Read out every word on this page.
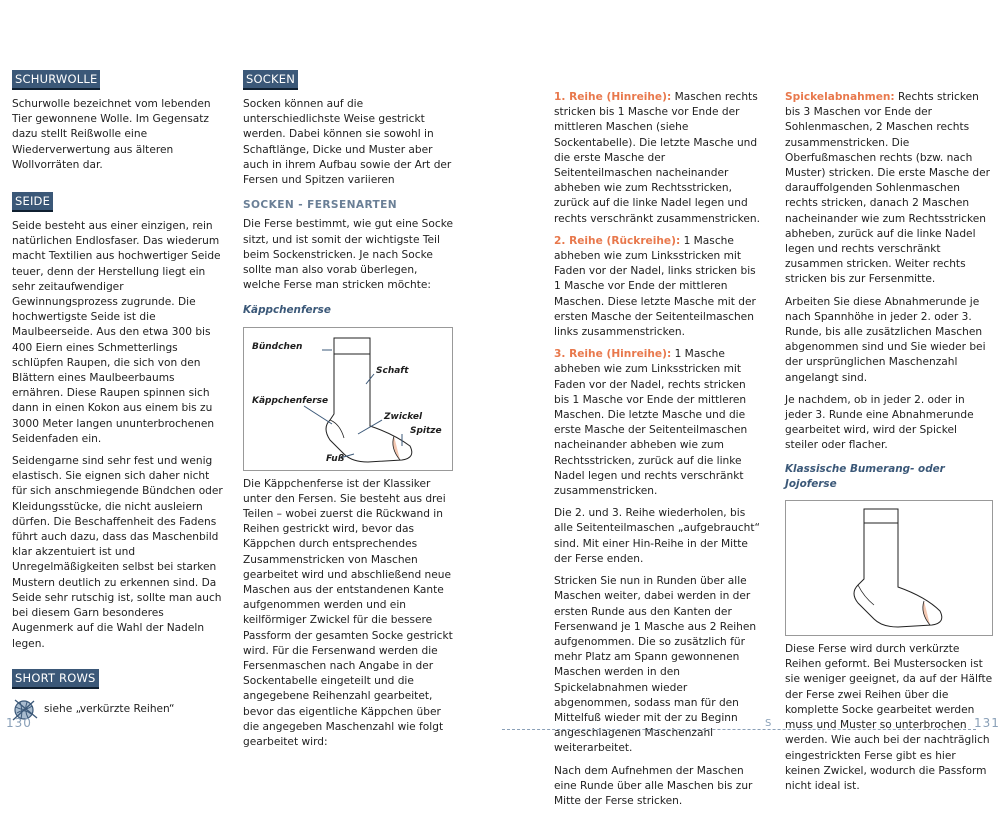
SCHURWOLLE

Schurwolle bezeichnet vom lebenden Tier gewonnene Wolle. Im Gegensatz dazu stellt Reißwolle eine Wiederverwertung aus älteren Wollvorräten dar.

SEIDE

Seide besteht aus einer einzigen, rein natürlichen Endlosfaser. Das wiederum macht Textilien aus hochwertiger Seide teuer, denn der Herstellung liegt ein sehr zeitaufwendiger Gewinnungsprozess zugrunde. Die hochwertigste Seide ist die Maulbeerseide. Aus den etwa 300 bis 400 Eiern eines Schmetterlings schlüpfen Raupen, die sich von den Blättern eines Maulbeerbaums ernähren. Diese Raupen spinnen sich dann in einen Kokon aus einem bis zu 3000 Meter langen ununterbrochenen Seidenfaden ein.

Seidengarne sind sehr fest und wenig elastisch. Sie eignen sich daher nicht für sich anschmiegende Bündchen oder Kleidungsstücke, die nicht ausleiern dürfen. Die Beschaffenheit des Fadens führt auch dazu, dass das Maschenbild klar akzentuiert ist und Unregelmäßigkeiten selbst bei starken Mustern deutlich zu erkennen sind. Da Seide sehr rutschig ist, sollte man auch bei diesem Garn besonderes Augenmerk auf die Wahl der Nadeln legen.

SHORT ROWS
siehe „verkürzte Reihen“
SOCKEN

Socken können auf die unterschiedlichste Weise gestrickt werden. Dabei können sie sowohl in Schaftlänge, Dicke und Muster aber auch in ihrem Aufbau sowie der Art der Fersen und Spitzen variieren

SOCKEN - FERSENARTEN

Die Ferse bestimmt, wie gut eine Socke sitzt, und ist somit der wichtigste Teil beim Sockenstricken. Je nach Socke sollte man also vorab überlegen, welche Ferse man stricken möchte:

Käppchenferse
Bündchen
Schaft
Käppchenferse
Zwickel
Spitze
Fuß

Die Käppchenferse ist der Klassiker unter den Fersen. Sie besteht aus drei Teilen – wobei zuerst die Rückwand in Reihen gestrickt wird, bevor das Käppchen durch entsprechendes Zusammenstricken von Maschen gearbeitet wird und abschließend neue Maschen aus der entstandenen Kante aufgenommen werden und ein keilförmiger Zwickel für die bessere Passform der gesamten Socke gestrickt wird. Für die Fersenwand werden die Fersenmaschen nach Angabe in der Sockentabelle eingeteilt und die angegebene Reihenzahl gearbeitet, bevor das eigentliche Käppchen über die angegeben Maschenzahl wie folgt gearbeitet wird:

130

1. Reihe (Hinreihe): Maschen rechts stricken bis 1 Masche vor Ende der mittleren Maschen (siehe Sockentabelle). Die letzte Masche und die erste Masche der Seitenteilmaschen nacheinander abheben wie zum Rechtsstricken, zurück auf die linke Nadel legen und rechts verschränkt zusammenstricken.

2. Reihe (Rückreihe): 1 Masche abheben wie zum Linksstricken mit Faden vor der Nadel, links stricken bis 1 Masche vor Ende der mittleren Maschen. Diese letzte Masche mit der ersten Masche der Seitenteilmaschen links zusammenstricken.

3. Reihe (Hinreihe): 1 Masche abheben wie zum Linksstricken mit Faden vor der Nadel, rechts stricken bis 1 Masche vor Ende der mittleren Maschen. Die letzte Masche und die erste Masche der Seitenteilmaschen nacheinander abheben wie zum Rechtsstricken, zurück auf die linke Nadel legen und rechts verschränkt zusammenstricken.

Die 2. und 3. Reihe wiederholen, bis alle Seitenteilmaschen „aufgebraucht“ sind. Mit einer Hin-Reihe in der Mitte der Ferse enden.

Stricken Sie nun in Runden über alle Maschen weiter, dabei werden in der ersten Runde aus den Kanten der Fersenwand je 1 Masche aus 2 Reihen aufgenommen. Die so zusätzlich für mehr Platz am Spann gewonnenen Maschen werden in den Spickelabnahmen wieder abgenommen, sodass man für den Mittelfuß wieder mit der zu Beginn angeschlagenen Maschenzahl weiterarbeitet.

Nach dem Aufnehmen der Maschen eine Runde über alle Maschen bis zur Mitte der Ferse stricken.

Spickelabnahmen: Rechts stricken bis 3 Maschen vor Ende der Sohlenmaschen, 2 Maschen rechts zusammenstricken. Die Oberfußmaschen rechts (bzw. nach Muster) stricken. Die erste Masche der darauffolgenden Sohlenmaschen rechts stricken, danach 2 Maschen nacheinander wie zum Rechtsstricken abheben, zurück auf die linke Nadel legen und rechts verschränkt zusammen stricken. Weiter rechts stricken bis zur Fersenmitte.

Arbeiten Sie diese Abnahmerunde je nach Spannhöhe in jeder 2. oder 3. Runde, bis alle zusätzlichen Maschen abgenommen sind und Sie wieder bei der ursprünglichen Maschenzahl angelangt sind.

Je nachdem, ob in jeder 2. oder in jeder 3. Runde eine Abnahmerunde gearbeitet wird, wird der Spickel steiler oder flacher.

Klassische Bumerang- oder Jojoferse

Diese Ferse wird durch verkürzte Reihen geformt. Bei Mustersocken ist sie weniger geeignet, da auf der Hälfte der Ferse zwei Reihen über die komplette Socke gearbeitet werden muss und Muster so unterbrochen werden. Wie auch bei der nachträglich eingestrickten Ferse gibt es hier keinen Zwickel, wodurch die Passform nicht ideal ist.

S	131
